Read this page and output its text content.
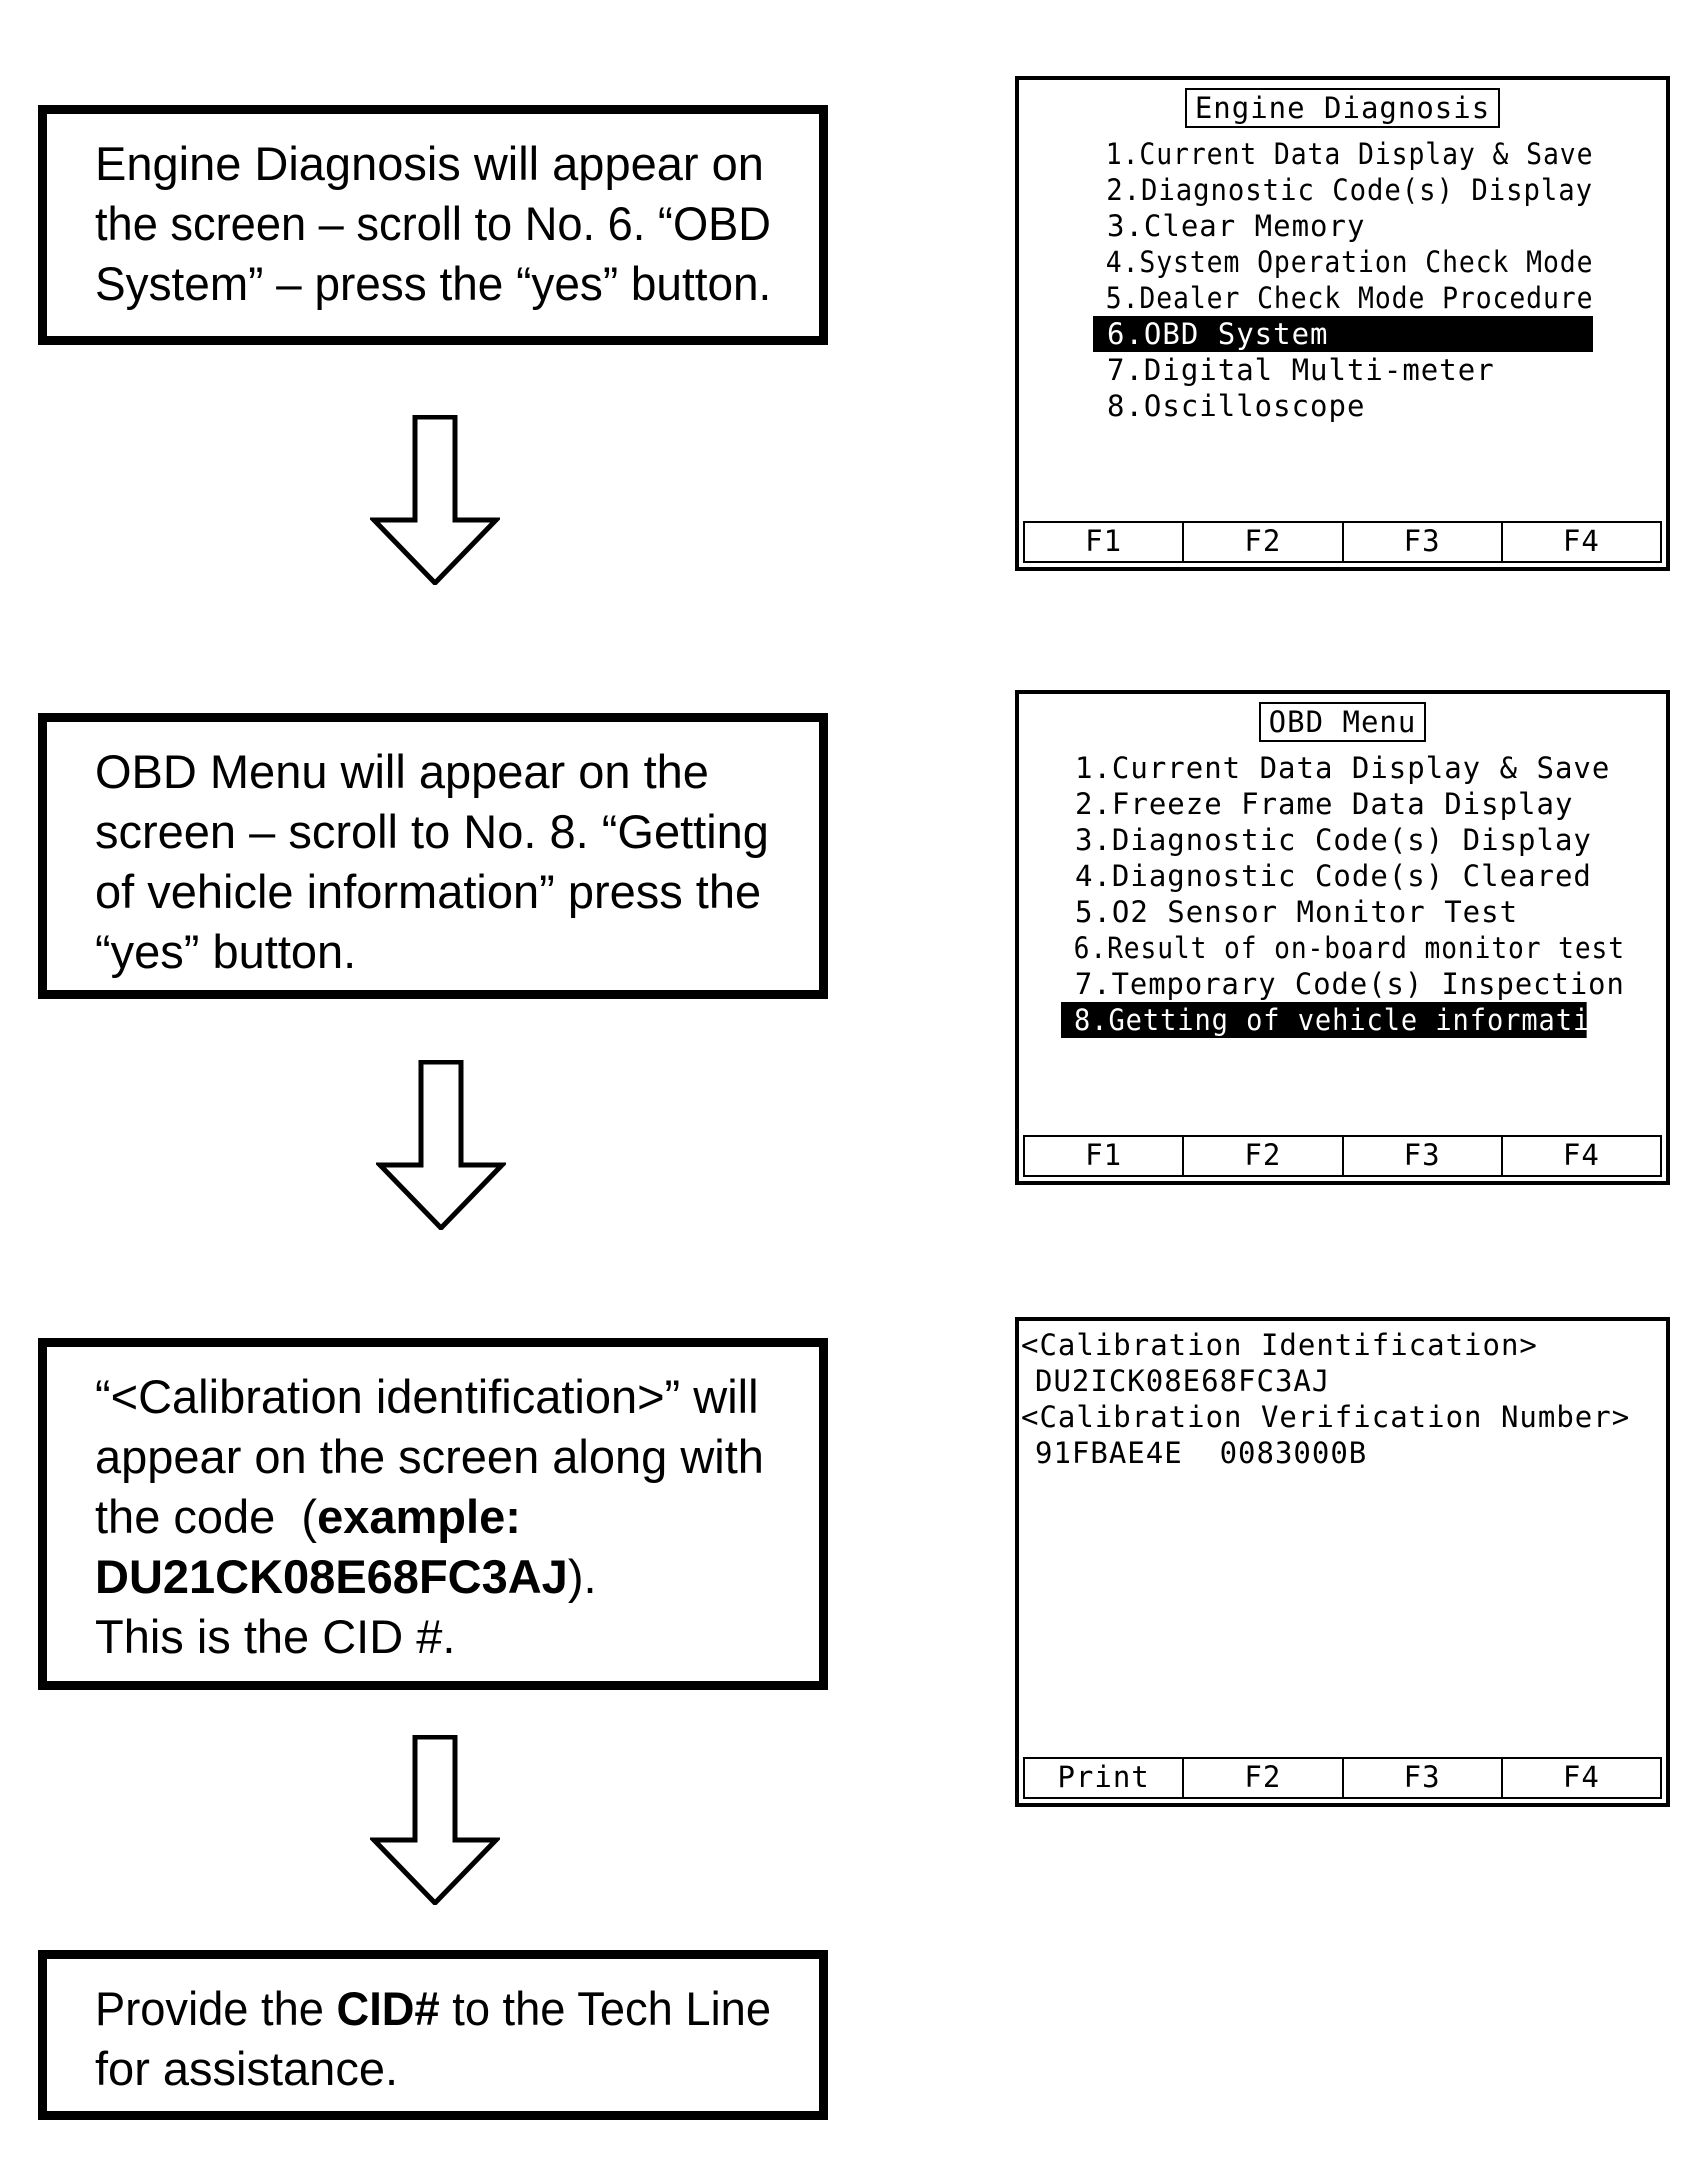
Engine Diagnosis will appear on
the screen – scroll to No. 6. “OBD
System” – press the “yes” button.
OBD Menu will appear on the
screen – scroll to No. 8. “Getting
of vehicle information” press the
“yes” button.
“<Calibration identification>” will
appear on the screen along with
the code  (example:
DU21CK08E68FC3AJ).
This is the CID #.
Provide the CID# to the Tech Line
for assistance.
Engine Diagnosis
1.Current Data Display & Save
2.Diagnostic Code(s) Display
3.Clear Memory
4.System Operation Check Mode
5.Dealer Check Mode Procedure
6.OBD System
7.Digital Multi-meter
8.Oscilloscope
F1	F2	F3	F4
OBD Menu
1.Current Data Display & Save
2.Freeze Frame Data Display
3.Diagnostic Code(s) Display
4.Diagnostic Code(s) Cleared
5.O2 Sensor Monitor Test
6.Result of on-board monitor test
7.Temporary Code(s) Inspection
8.Getting of vehicle information
F1	F2	F3	F4
<Calibration Identification>
DU2ICK08E68FC3AJ
<Calibration Verification Number>
91FBAE4E  0083000B
Print	F2	F3	F4
